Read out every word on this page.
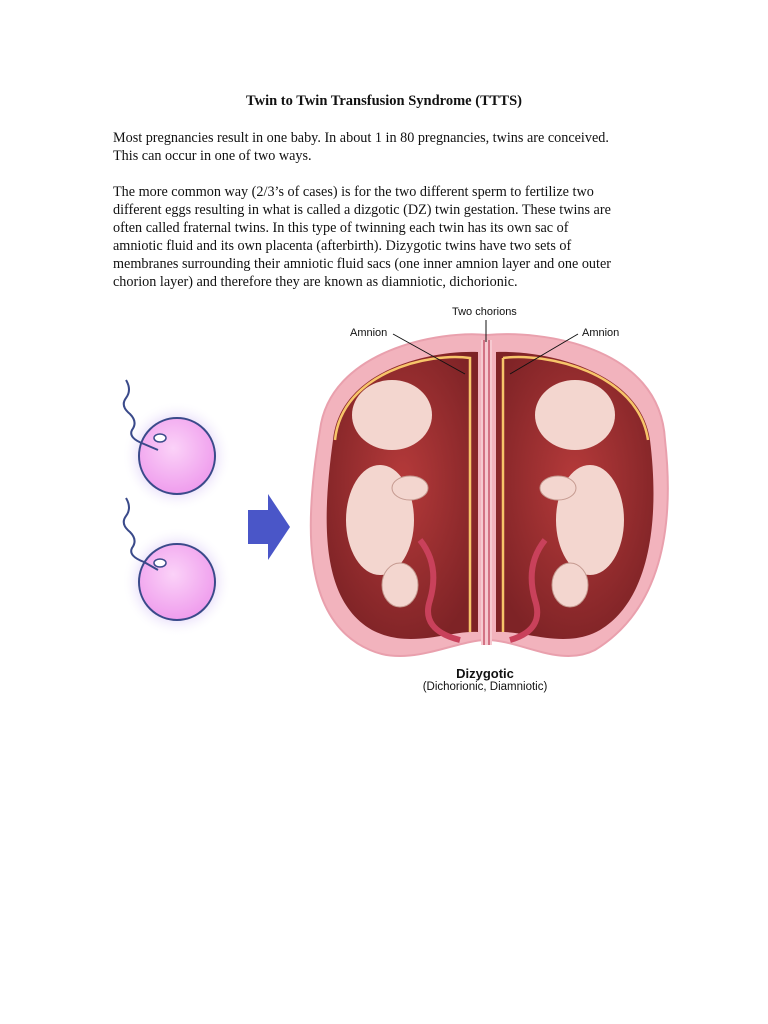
Twin to Twin Transfusion Syndrome (TTTS)

Most pregnancies result in one baby. In about 1 in 80 pregnancies, twins are conceived.
This can occur in one of two ways.

The more common way (2/3’s of cases) is for the two different sperm to fertilize two
different eggs resulting in what is called a dizgotic (DZ) twin gestation. These twins are
often called fraternal twins. In this type of twinning each twin has its own sac of
amniotic fluid and its own placenta (afterbirth). Dizygotic twins have two sets of
membranes surrounding their amniotic fluid sacs (one inner amnion layer and one outer
chorion layer) and therefore they are known as diamniotic, dichorionic.

Two chorions
Amnion	Amnion
Dizygotic
(Dichorionic, Diamniotic)
